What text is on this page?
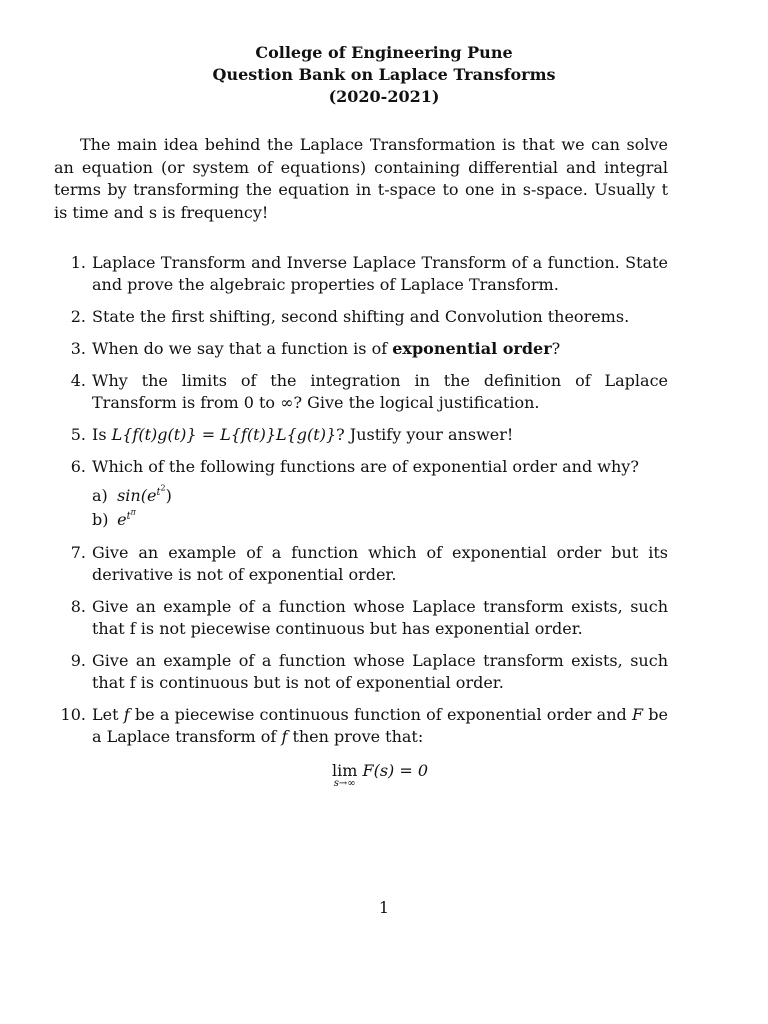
College of Engineering Pune
Question Bank on Laplace Transforms
(2020-2021)

The main idea behind the Laplace Transformation is that we can solve an equation (or system of equations) containing differential and integral terms by transforming the equation in t-space to one in s-space. Usually t is time and s is frequency!

1. Laplace Transform and Inverse Laplace Transform of a function. State and prove the algebraic properties of Laplace Transform.
2. State the first shifting, second shifting and Convolution theorems.
3. When do we say that a function is of exponential order?
4. Why the limits of the integration in the definition of Laplace Transform is from 0 to ∞? Give the logical justification.
5. Is L{f(t)g(t)} = L{f(t)}L{g(t)}? Justify your answer!
6. Which of the following functions are of exponential order and why?
a) $\sin(e^{t^2})$
b) $e^{t^\pi}$
7. Give an example of a function which of exponential order but its derivative is not of exponential order.
8. Give an example of a function whose Laplace transform exists, such that f is not piecewise continuous but has exponential order.
9. Give an example of a function whose Laplace transform exists, such that f is continuous but is not of exponential order.
10. Let f be a piecewise continuous function of exponential order and F be a Laplace transform of f then prove that:
lim
s→∞
F(s) = 0
1
